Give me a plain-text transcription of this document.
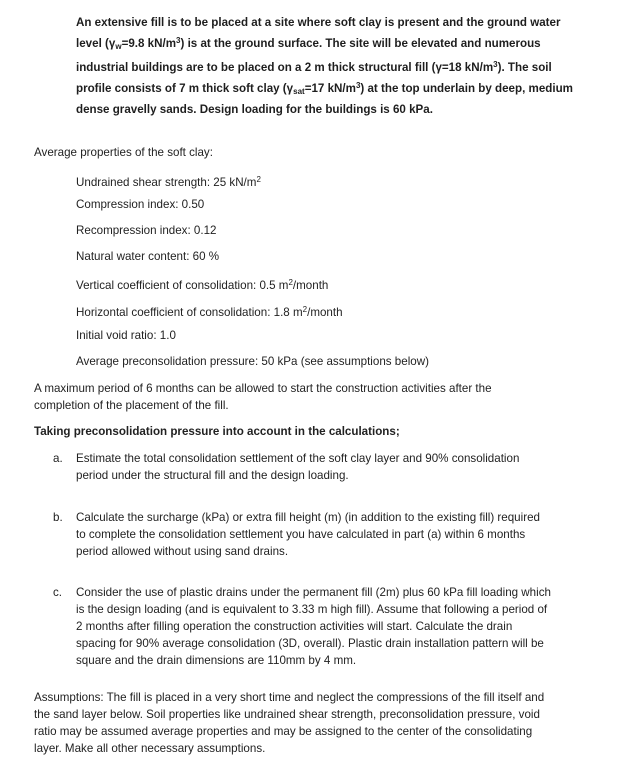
An extensive fill is to be placed at a site where soft clay is present and the ground water
level ($\gamma_w=9.8$ $kN/m^3$) is at the ground surface. The site will be elevated and numerous
industrial buildings are to be placed on a 2 m thick structural fill (γ=18 $kN/m^3$). The soil
profile consists of 7 m thick soft clay ($\gamma_{sat}=17$ $kN/m^3$) at the top underlain by deep, medium
dense gravelly sands. Design loading for the buildings is 60 kPa.
Average properties of the soft clay:
Undrained shear strength: 25 $kN/m^2$
Compression index: 0.50
Recompression index: 0.12
Natural water content: 60 %
Vertical coefficient of consolidation: 0.5 $m^2$/month
Horizontal coefficient of consolidation: 1.8 $m^2$/month
Initial void ratio: 1.0
Average preconsolidation pressure: 50 kPa (see assumptions below)
A maximum period of 6 months can be allowed to start the construction activities after the
completion of the placement of the fill.
Taking preconsolidation pressure into account in the calculations;
a. Estimate the total consolidation settlement of the soft clay layer and 90% consolidation
period under the structural fill and the design loading.
b. Calculate the surcharge (kPa) or extra fill height (m) (in addition to the existing fill) required
to complete the consolidation settlement you have calculated in part (a) within 6 months
period allowed without using sand drains.
c. Consider the use of plastic drains under the permanent fill (2m) plus 60 kPa fill loading which
is the design loading (and is equivalent to 3.33 m high fill). Assume that following a period of
2 months after filling operation the construction activities will start. Calculate the drain
spacing for 90% average consolidation (3D, overall). Plastic drain installation pattern will be
square and the drain dimensions are 110mm by 4 mm.
Assumptions: The fill is placed in a very short time and neglect the compressions of the fill itself and
the sand layer below. Soil properties like undrained shear strength, preconsolidation pressure, void
ratio may be assumed average properties and may be assigned to the center of the consolidating
layer. Make all other necessary assumptions.
